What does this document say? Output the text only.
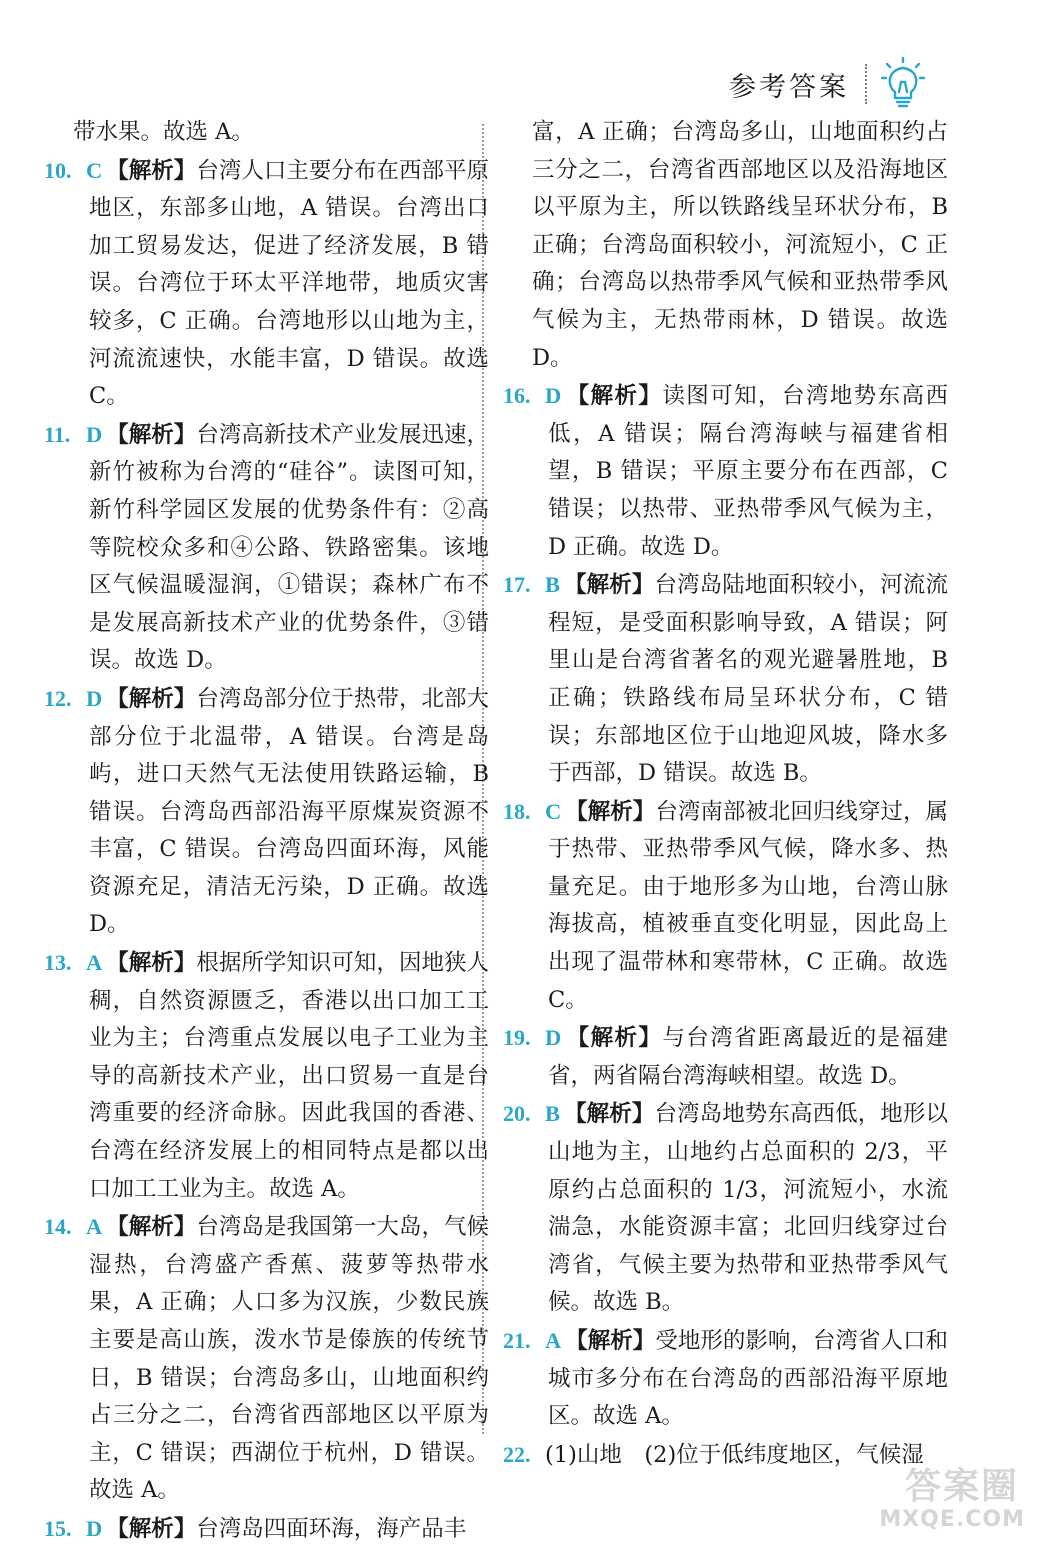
参考答案

带水果。故选 A。

10. C 【解析】台湾人口主要分布在西部平原地区，东部多山地，A 错误。台湾出口加工贸易发达，促进了经济发展，B 错误。台湾位于环太平洋地带，地质灾害较多，C 正确。台湾地形以山地为主，河流流速快，水能丰富，D 错误。故选 C。

11. D 【解析】台湾高新技术产业发展迅速，新竹被称为台湾的“硅谷”。读图可知，新竹科学园区发展的优势条件有：②高等院校众多和④公路、铁路密集。该地区气候温暖湿润，①错误；森林广布不是发展高新技术产业的优势条件，③错误。故选 D。

12. D 【解析】台湾岛部分位于热带，北部大部分位于北温带，A 错误。台湾是岛屿，进口天然气无法使用铁路运输，B 错误。台湾岛西部沿海平原煤炭资源不丰富，C 错误。台湾岛四面环海，风能资源充足，清洁无污染，D 正确。故选 D。

13. A 【解析】根据所学知识可知，因地狭人稠，自然资源匮乏，香港以出口加工工业为主；台湾重点发展以电子工业为主导的高新技术产业，出口贸易一直是台湾重要的经济命脉。因此我国的香港、台湾在经济发展上的相同特点是都以出口加工工业为主。故选 A。

14. A 【解析】台湾岛是我国第一大岛，气候湿热，台湾盛产香蕉、菠萝等热带水果，A 正确；人口多为汉族，少数民族主要是高山族，泼水节是傣族的传统节日，B 错误；台湾岛多山，山地面积约占三分之二，台湾省西部地区以平原为主，C 错误；西湖位于杭州，D 错误。故选 A。

15. D 【解析】台湾岛四面环海，海产品丰

富，A 正确；台湾岛多山，山地面积约占三分之二，台湾省西部地区以及沿海地区以平原为主，所以铁路线呈环状分布，B 正确；台湾岛面积较小，河流短小，C 正确；台湾岛以热带季风气候和亚热带季风气候为主，无热带雨林，D 错误。故选 D。

16. D 【解析】读图可知，台湾地势东高西低，A 错误；隔台湾海峡与福建省相望，B 错误；平原主要分布在西部，C 错误；以热带、亚热带季风气候为主，D 正确。故选 D。

17. B 【解析】台湾岛陆地面积较小，河流流程短，是受面积影响导致，A 错误；阿里山是台湾省著名的观光避暑胜地，B 正确；铁路线布局呈环状分布，C 错误；东部地区位于山地迎风坡，降水多于西部，D 错误。故选 B。

18. C 【解析】台湾南部被北回归线穿过，属于热带、亚热带季风气候，降水多、热量充足。由于地形多为山地，台湾山脉海拔高，植被垂直变化明显，因此岛上出现了温带林和寒带林，C 正确。故选 C。

19. D 【解析】与台湾省距离最近的是福建省，两省隔台湾海峡相望。故选 D。

20. B 【解析】台湾岛地势东高西低，地形以山地为主，山地约占总面积的 2/3，平原约占总面积的 1/3，河流短小，水流湍急，水能资源丰富；北回归线穿过台湾省，气候主要为热带和亚热带季风气候。故选 B。

21. A 【解析】受地形的影响，台湾省人口和城市多分布在台湾岛的西部沿海平原地区。故选 A。

22. (1)山地　(2)位于低纬度地区，气候湿

答案圈
MXQE.COM
